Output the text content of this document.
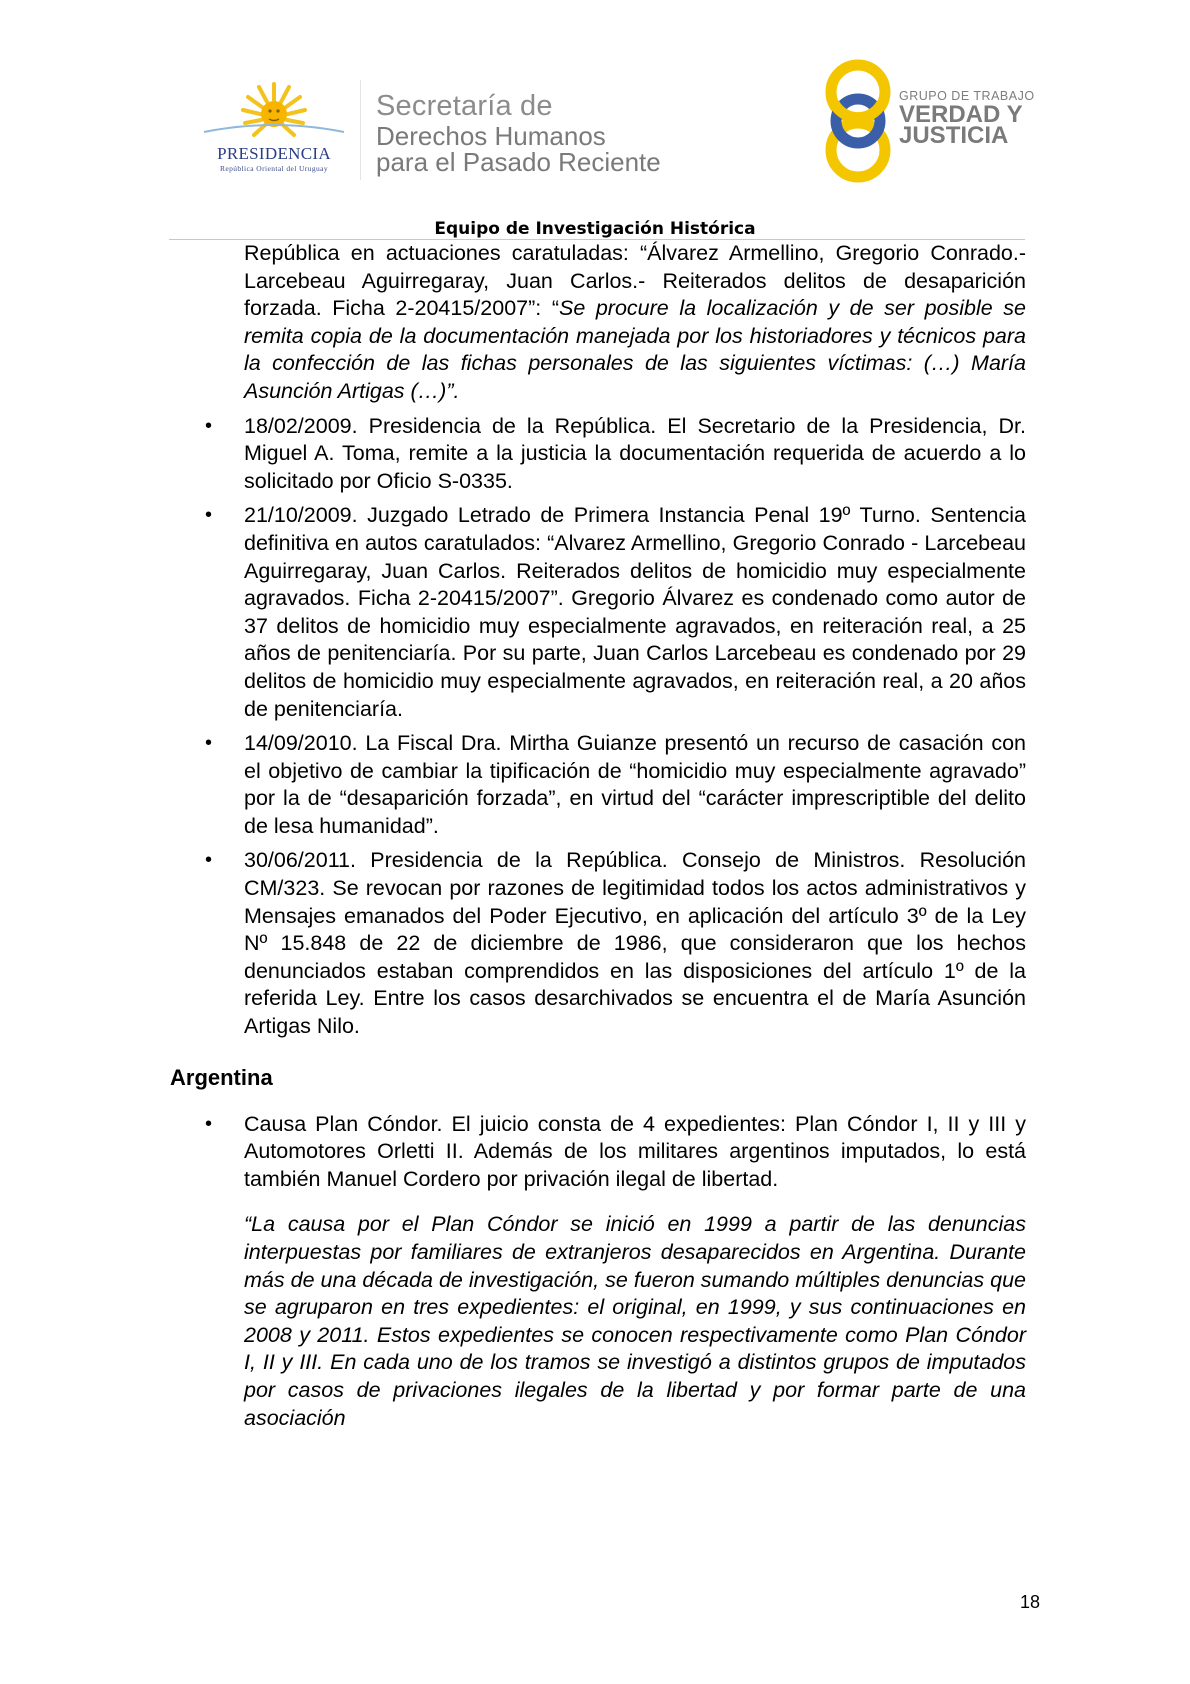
PRESIDENCIA
República Oriental del Uruguay
Secretaría de
Derechos Humanos
para el Pasado Reciente
GRUPO DE TRABAJO
VERDAD Y
JUSTICIA
Equipo de Investigación Histórica
República en actuaciones caratuladas: “Álvarez Armellino, Gregorio Conrado.- Larcebeau Aguirregaray, Juan Carlos.- Reiterados delitos de desaparición forzada. Ficha 2-20415/2007”: “Se procure la localización y de ser posible se remita copia de la documentación manejada por los historiadores y técnicos para la confección de las fichas personales de las siguientes víctimas: (…) María Asunción Artigas (…)”.
• 18/02/2009. Presidencia de la República. El Secretario de la Presidencia, Dr. Miguel A. Toma, remite a la justicia la documentación requerida de acuerdo a lo solicitado por Oficio S-0335.
• 21/10/2009. Juzgado Letrado de Primera Instancia Penal 19º Turno. Sentencia definitiva en autos caratulados: “Alvarez Armellino, Gregorio Conrado - Larcebeau Aguirregaray, Juan Carlos. Reiterados delitos de homicidio muy especialmente agravados. Ficha 2-20415/2007”. Gregorio Álvarez es condenado como autor de 37 delitos de homicidio muy especialmente agravados, en reiteración real, a 25 años de penitenciaría. Por su parte, Juan Carlos Larcebeau es condenado por 29 delitos de homicidio muy especialmente agravados, en reiteración real, a 20 años de penitenciaría.
• 14/09/2010. La Fiscal Dra. Mirtha Guianze presentó un recurso de casación con el objetivo de cambiar la tipificación de “homicidio muy especialmente agravado” por la de “desaparición forzada”, en virtud del “carácter imprescriptible del delito de lesa humanidad”.
• 30/06/2011. Presidencia de la República. Consejo de Ministros. Resolución CM/323. Se revocan por razones de legitimidad todos los actos administrativos y Mensajes emanados del Poder Ejecutivo, en aplicación del artículo 3º de la Ley Nº 15.848 de 22 de diciembre de 1986, que consideraron que los hechos denunciados estaban comprendidos en las disposiciones del artículo 1º de la referida Ley. Entre los casos desarchivados se encuentra el de María Asunción Artigas Nilo.
Argentina
• Causa Plan Cóndor. El juicio consta de 4 expedientes: Plan Cóndor I, II y III y Automotores Orletti II. Además de los militares argentinos imputados, lo está también Manuel Cordero por privación ilegal de libertad.
“La causa por el Plan Cóndor se inició en 1999 a partir de las denuncias interpuestas por familiares de extranjeros desaparecidos en Argentina. Durante más de una década de investigación, se fueron sumando múltiples denuncias que se agruparon en tres expedientes: el original, en 1999, y sus continuaciones en 2008 y 2011. Estos expedientes se conocen respectivamente como Plan Cóndor I, II y III. En cada uno de los tramos se investigó a distintos grupos de imputados por casos de privaciones ilegales de la libertad y por formar parte de una asociación
18
